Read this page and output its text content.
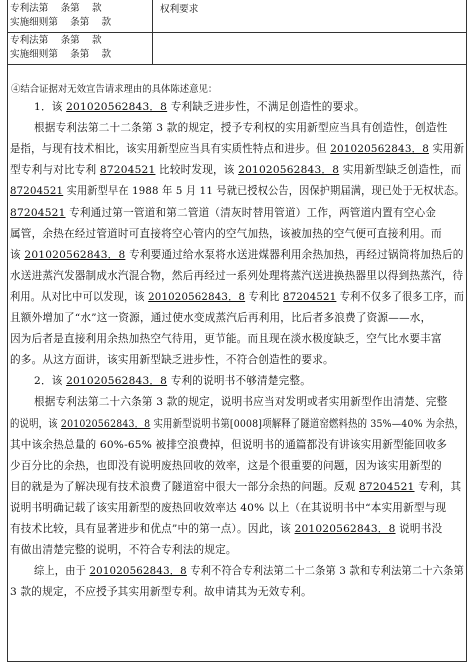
专利法第    条第    款
实施细则第    条第    款
权利要求
专利法第    条第    款
实施细则第    条第    款
④结合证据对无效宣告请求理由的具体陈述意见：
1．该 201020562843．8 专利缺乏进步性，不满足创造性的要求。
根据专利法第二十二条第 3 款的规定，授予专利权的实用新型应当具有创造性，创造性
是指，与现有技术相比，该实用新型应当具有实质性特点和进步。但 201020562843．8 实用新
型专利与对比专利 87204521 比较时发现，该 201020562843．8 实用新型缺乏创造性，而
87204521 实用新型早在 1988 年 5 月 11 号就已授权公告，因保护期届满，现已处于无权状态。
87204521 专利通过第一管道和第二管道（清灰时替用管道）工作，两管道内置有空心金
属管，余热在经过管道时可直接将空心管内的空气加热，该被加热的空气便可直接利用。而
该 201020562843．8 专利要通过给水泵将水送进煤器利用余热加热，再经过锅筒将加热后的
水送进蒸汽发器制成水汽混合物，然后再经过一系列处理将蒸汽送进换热器里以得到热蒸汽，待
利用。从对比中可以发现，该 201020562843．8 专利比 87204521 专利不仅多了很多工序，而
且额外增加了“水”这一资源，通过使水变成蒸汽后再利用，比后者多浪费了资源——水，
因为后者是直接利用余热加热空气待用，更节能。而且现在淡水极度缺乏，空气比水要丰富
的多。从这方面讲，该实用新型缺乏进步性，不符合创造性的要求。
2．该 201020562843．8 专利的说明书不够清楚完整。
根据专利法第二十六条第 3 款的规定，说明书应当对发明或者实用新型作出清楚、完整
的说明，该 201020562843．8 实用新型说明书第[0008]项解释了隧道窑燃料热的 35%—40% 为余热，
其中该余热总量的 60%-65% 被排空浪费掉，但说明书的通篇都没有讲该实用新型能回收多
少百分比的余热，也即没有说明废热回收的效率，这是个很重要的问题，因为该实用新型的
目的就是为了解决现有技术浪费了隧道窑中很大一部分余热的问题。反观 87204521 专利，其
说明书明确记载了该实用新型的废热回收效率达 40% 以上（在其说明书中“本实用新型与现
有技术比较，具有显著进步和优点”中的第一点）。因此，该 201020562843．8 说明书没
有做出清楚完整的说明，不符合专利法的规定。
综上，由于 201020562843．8 专利不符合专利法第二十二条第 3 款和专利法第二十六条第
3 款的规定，不应授予其实用新型专利。故申请其为无效专利。
